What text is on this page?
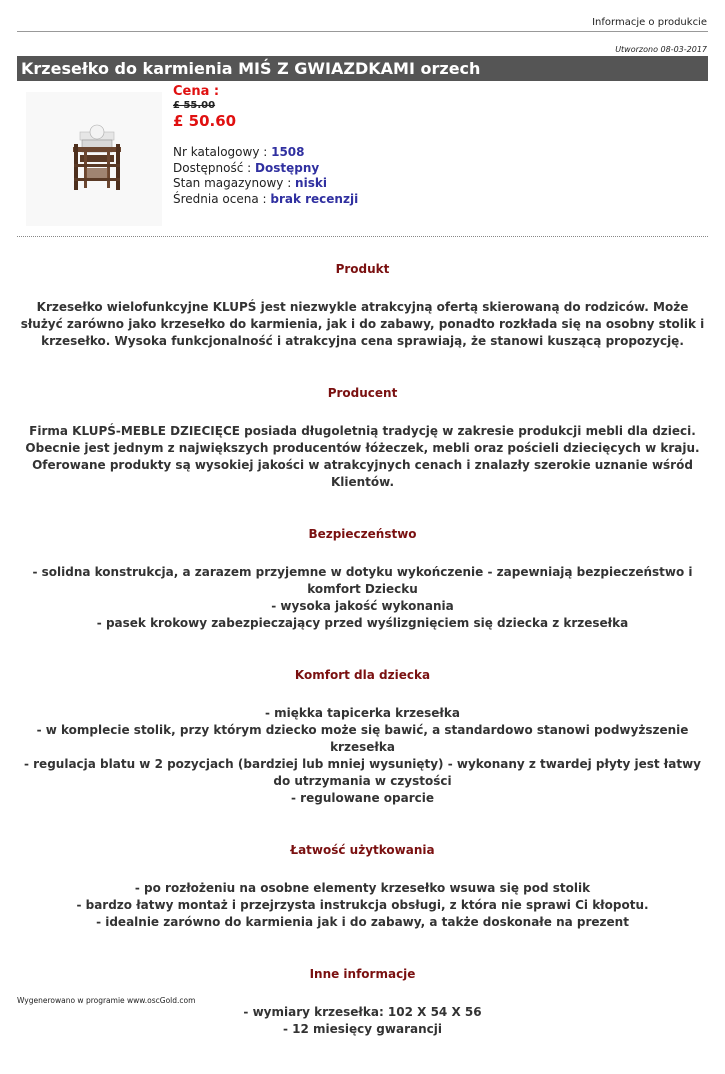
Informacje o produkcie
Utworzono 08-03-2017
Krzesełko do karmienia MIŚ Z GWIAZDKAMI orzech
Cena :
£ 55.00
£ 50.60
Nr katalogowy : 1508
Dostępność : Dostępny
Stan magazynowy : niski
Średnia ocena : brak recenzji
Produkt
Krzesełko wielofunkcyjne KLUPŚ jest niezwykle atrakcyjną ofertą skierowaną do rodziców. Może służyć zarówno jako krzesełko do karmienia, jak i do zabawy, ponadto rozkłada się na osobny stolik i krzesełko. Wysoka funkcjonalność i atrakcyjna cena sprawiają, że stanowi kuszącą propozycję.
Producent
Firma KLUPŚ-MEBLE DZIECIĘCE posiada długoletnią tradycję w zakresie produkcji mebli dla dzieci. Obecnie jest jednym z największych producentów łóżeczek, mebli oraz pościeli dziecięcych w kraju. Oferowane produkty są wysokiej jakości w atrakcyjnych cenach i znalazły szerokie uznanie wśród Klientów.
Bezpieczeństwo
- solidna konstrukcja, a zarazem przyjemne w dotyku wykończenie - zapewniają bezpieczeństwo i komfort Dziecku
- wysoka jakość wykonania
- pasek krokowy zabezpieczający przed wyślizgnięciem się dziecka z krzesełka
Komfort dla dziecka
- miękka tapicerka krzesełka
- w komplecie stolik, przy którym dziecko może się bawić, a standardowo stanowi podwyższenie krzesełka
- regulacja blatu w 2 pozycjach (bardziej lub mniej wysunięty) - wykonany z twardej płyty jest łatwy do utrzymania w czystości
- regulowane oparcie
Łatwość użytkowania
- po rozłożeniu na osobne elementy krzesełko wsuwa się pod stolik
- bardzo łatwy montaż i przejrzysta instrukcja obsługi, z która nie sprawi Ci kłopotu.
- idealnie zarówno do karmienia jak i do zabawy, a także doskonałe na prezent
Inne informacje
- wymiary krzesełka: 102 X 54 X 56
- 12 miesięcy gwarancji
Wygenerowano w programie www.oscGold.com
